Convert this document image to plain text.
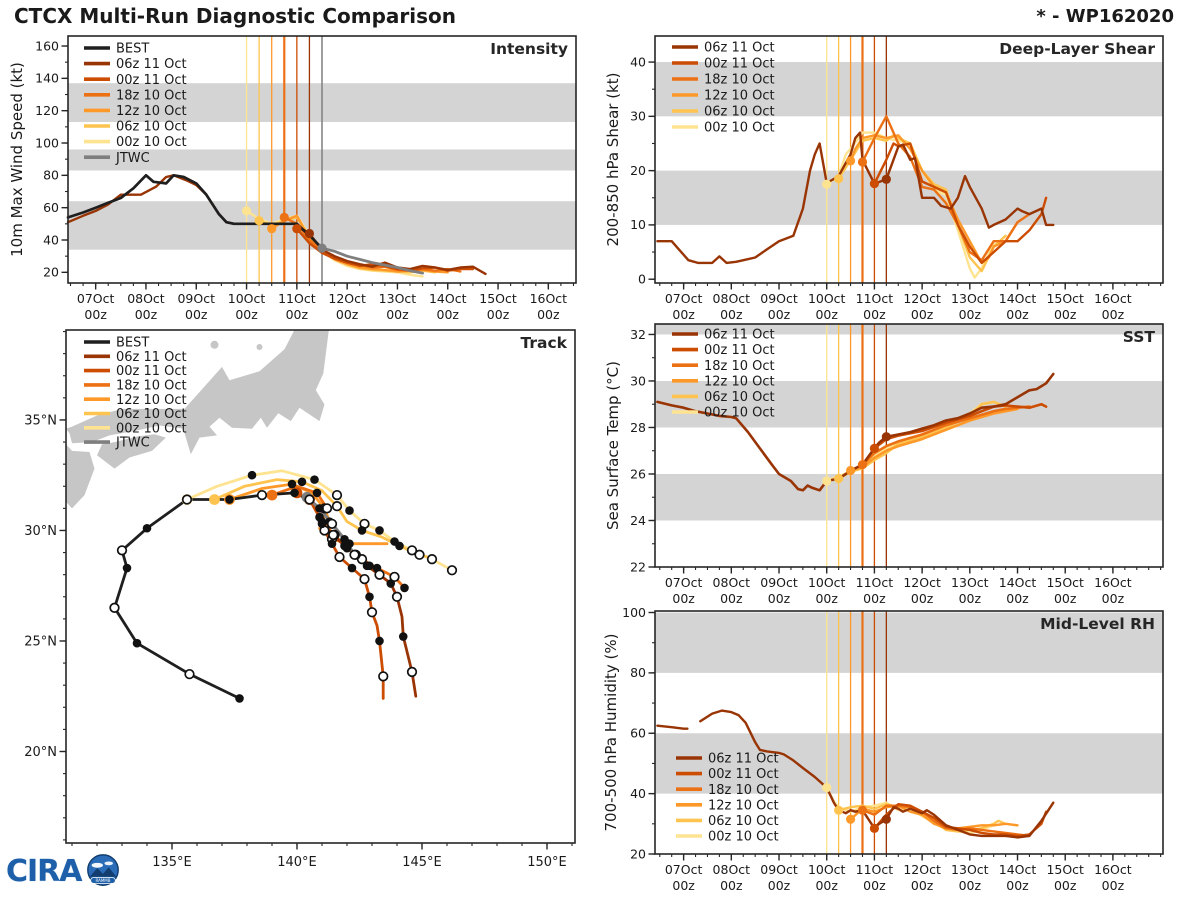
07Oct
00z
08Oct
00z
09Oct
00z
10Oct
00z
11Oct
00z
12Oct
00z
13Oct
00z
14Oct
00z
15Oct
00z
16Oct
00z
20
40
60
80
100
120
140
160
10m Max Wind Speed (kt)
Intensity
BEST
06z 11 Oct
00z 11 Oct
18z 10 Oct
12z 10 Oct
06z 10 Oct
00z 10 Oct
JTWC
07Oct
00z
08Oct
00z
09Oct
00z
10Oct
00z
11Oct
00z
12Oct
00z
13Oct
00z
14Oct
00z
15Oct
00z
16Oct
00z
0
10
20
30
40
200-850 hPa Shear (kt)
Deep-Layer Shear
06z 11 Oct
00z 11 Oct
18z 10 Oct
12z 10 Oct
06z 10 Oct
00z 10 Oct
07Oct
00z
08Oct
00z
09Oct
00z
10Oct
00z
11Oct
00z
12Oct
00z
13Oct
00z
14Oct
00z
15Oct
00z
16Oct
00z
22
24
26
28
30
32
Sea Surface Temp (°C)
SST
06z 11 Oct
00z 11 Oct
18z 10 Oct
12z 10 Oct
06z 10 Oct
00z 10 Oct
07Oct
00z
08Oct
00z
09Oct
00z
10Oct
00z
11Oct
00z
12Oct
00z
13Oct
00z
14Oct
00z
15Oct
00z
16Oct
00z
20
40
60
80
100
700-500 hPa Humidity (%)
Mid-Level RH
06z 11 Oct
00z 11 Oct
18z 10 Oct
12z 10 Oct
06z 10 Oct
00z 10 Oct
135°E	140°E	145°E	150°E
20°N
25°N
30°N
35°N
Track
BEST
06z 11 Oct
00z 11 Oct
18z 10 Oct
12z 10 Oct
06z 10 Oct
00z 10 Oct
JTWC
CTCX Multi-Run Diagnostic Comparison	* - WP162020
CIRA	RAMMB
